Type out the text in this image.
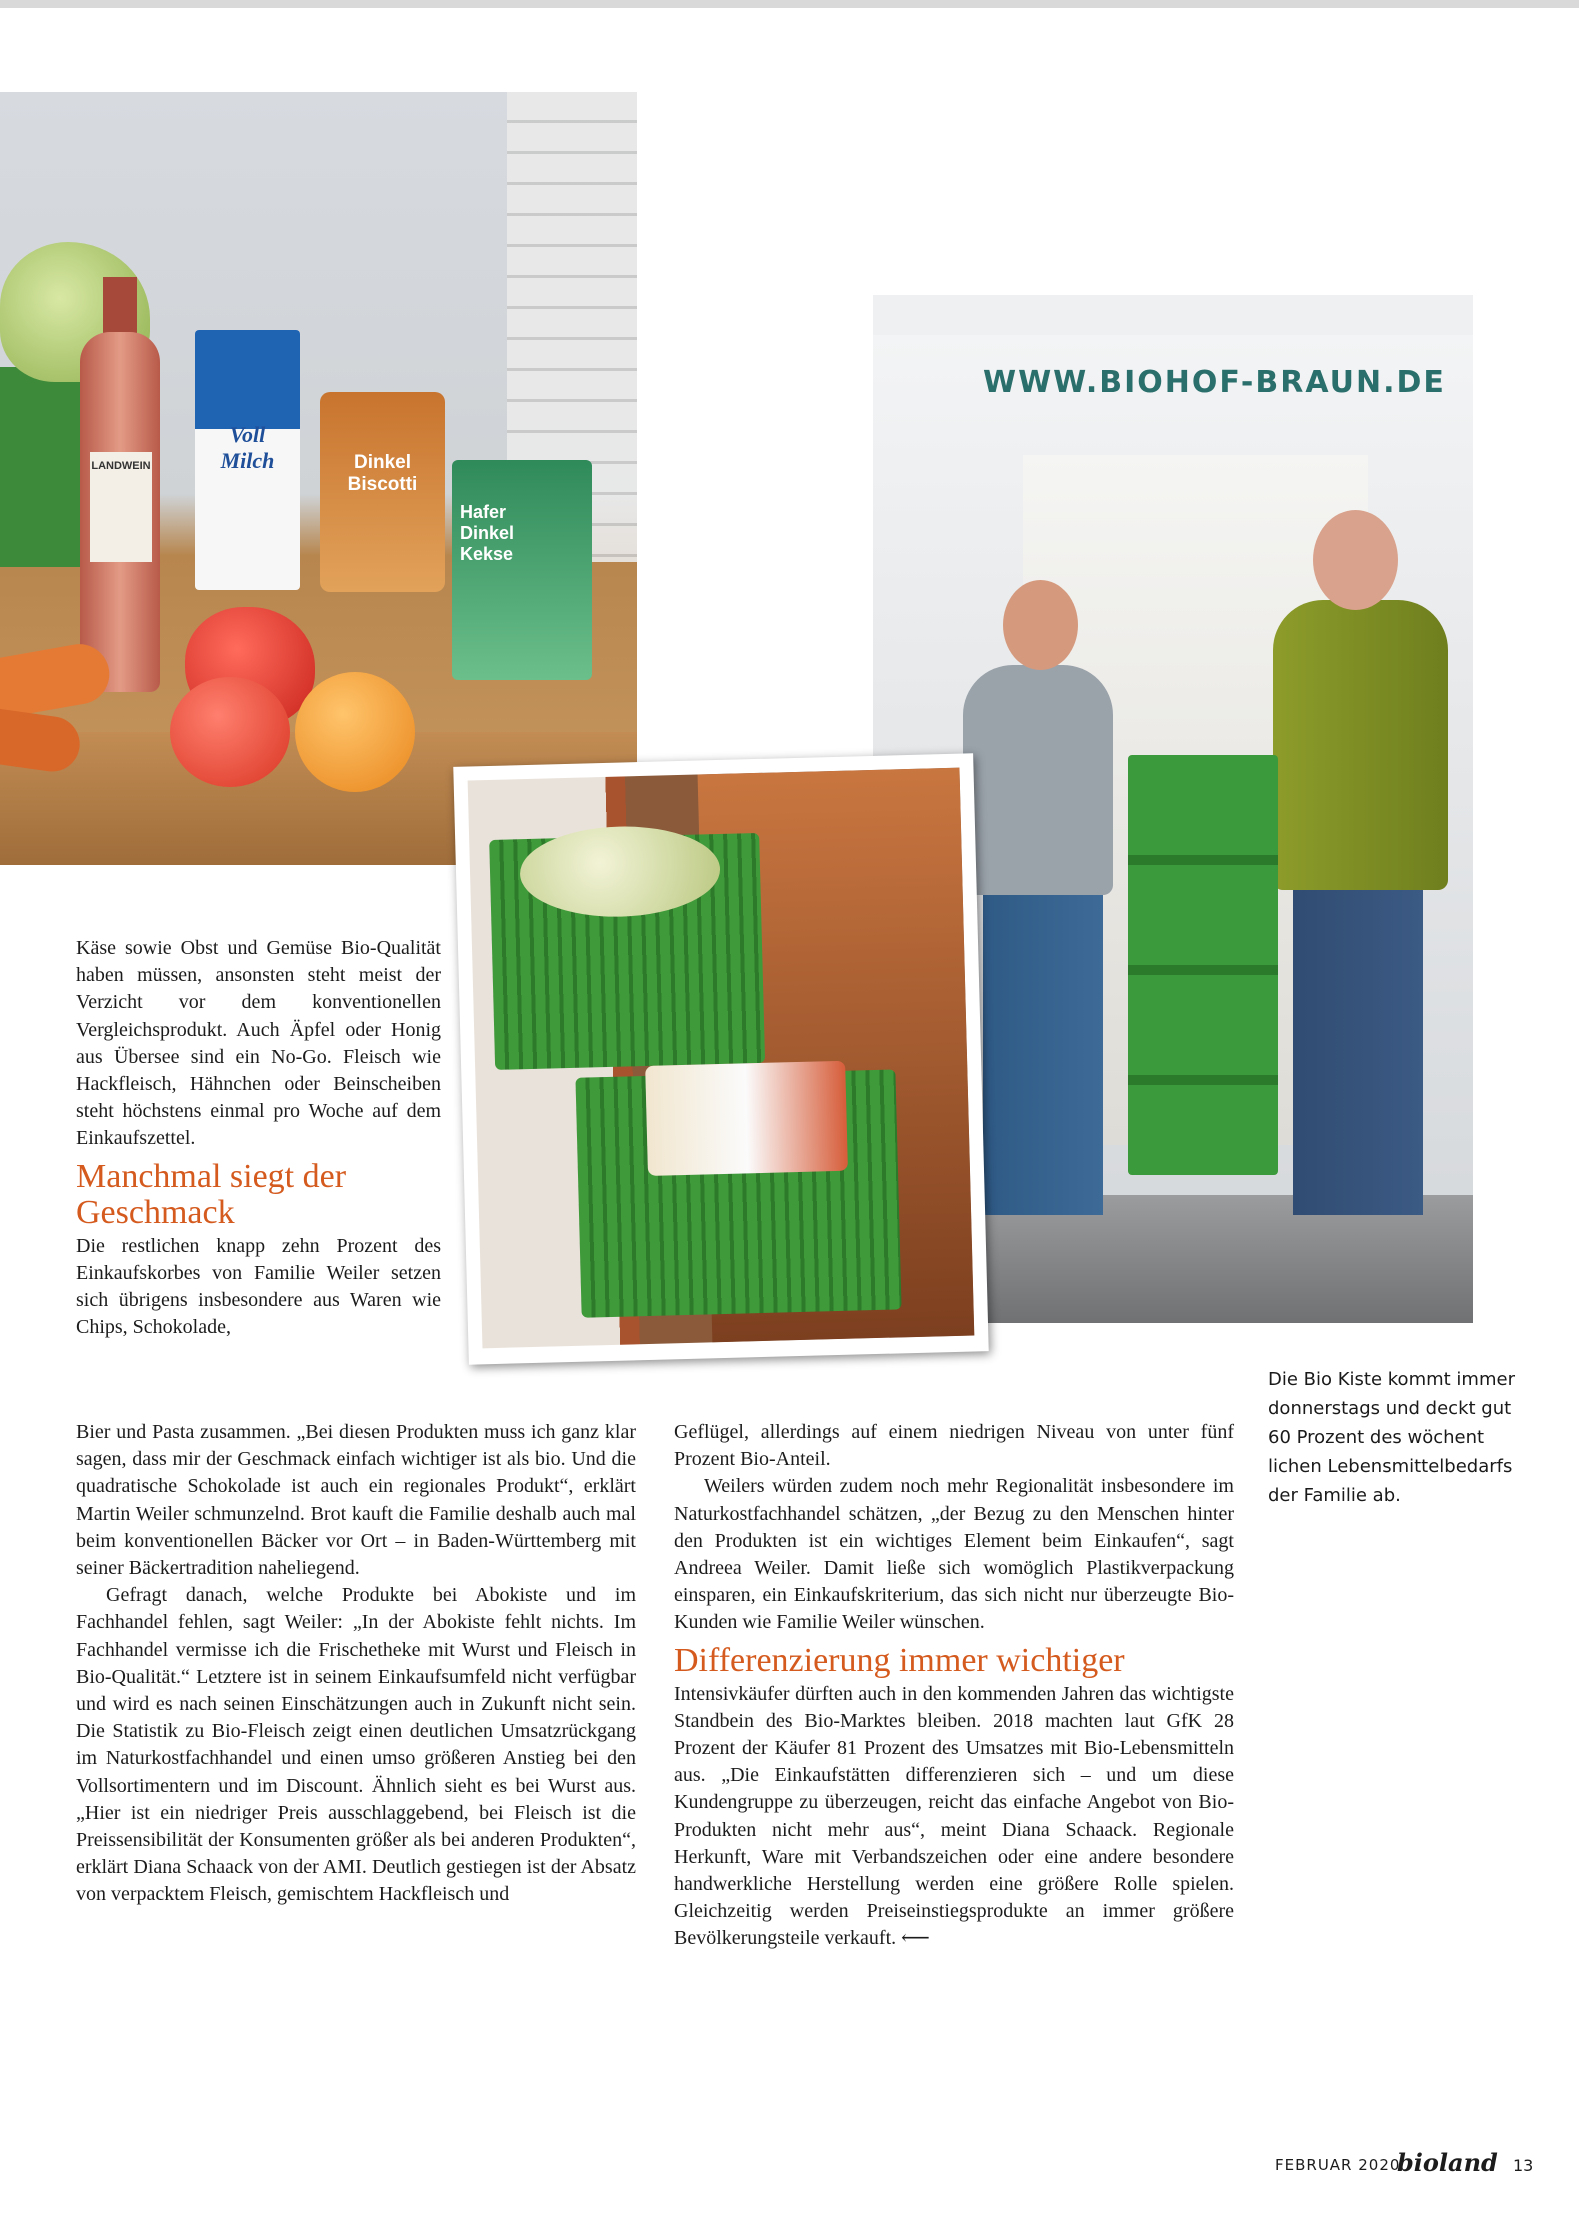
LANDWEIN
Voll
Milch	Dinkel
Biscotti
Hafer
Dinkel
Kekse
WWW.BIOHOF-BRAUN.DE

Die Bio Kiste kommt immer

donnerstags und deckt gut

60 Prozent des wöchent

lichen Lebensmittelbedarfs

der Familie ab.

Käse sowie Obst und Gemüse Bio-Qualität haben müssen, ansonsten steht meist der Verzicht vor dem konventionellen Vergleichsprodukt. Auch Äpfel oder Honig aus Übersee sind ein No-Go. Fleisch wie Hackfleisch, Hähnchen oder Beinscheiben steht höchstens einmal pro Woche auf dem Einkaufszettel.

Manchmal siegt der
Geschmack

Die restlichen knapp zehn Prozent des Einkaufskorbes von Familie Weiler setzen sich übrigens insbesondere aus Waren wie Chips, Schokolade,

Bier und Pasta zusammen. „Bei diesen Produkten muss ich ganz klar sagen, dass mir der Geschmack einfach wichtiger ist als bio. Und die quadratische Schokolade ist auch ein regionales Produkt“, erklärt Martin Weiler schmunzelnd. Brot kauft die Familie deshalb auch mal beim konventionellen Bäcker vor Ort – in Baden-Württemberg mit seiner Bäckertradition naheliegend.

Gefragt danach, welche Produkte bei Abokiste und im Fachhandel fehlen, sagt Weiler: „In der Abokiste fehlt nichts. Im Fachhandel vermisse ich die Frischetheke mit Wurst und Fleisch in Bio-Qualität.“ Letztere ist in seinem Einkaufsumfeld nicht verfügbar und wird es nach seinen Einschätzungen auch in Zukunft nicht sein. Die Statistik zu Bio-Fleisch zeigt einen deutlichen Umsatzrückgang im Naturkostfachhandel und einen umso größeren Anstieg bei den Vollsortimentern und im Discount. Ähnlich sieht es bei Wurst aus. „Hier ist ein niedriger Preis ausschlaggebend, bei Fleisch ist die Preissensibilität der Konsumenten größer als bei anderen Produkten“, erklärt Diana Schaack von der AMI. Deutlich gestiegen ist der Absatz von verpacktem Fleisch, gemischtem Hackfleisch und

Geflügel, allerdings auf einem niedrigen Niveau von unter fünf Prozent Bio-Anteil.

Weilers würden zudem noch mehr Regionalität insbesondere im Naturkostfachhandel schätzen, „der Bezug zu den Menschen hinter den Produkten ist ein wichtiges Element beim Einkaufen“, sagt Andreea Weiler. Damit ließe sich womöglich Plastikverpackung einsparen, ein Einkaufskriterium, das sich nicht nur überzeugte Bio-Kunden wie Familie Weiler wünschen.

Differenzierung immer wichtiger

Intensivkäufer dürften auch in den kommenden Jahren das wichtigste Standbein des Bio-Marktes bleiben. 2018 machten laut GfK 28 Prozent der Käufer 81 Prozent des Umsatzes mit Bio-Lebensmitteln aus. „Die Einkaufstätten differenzieren sich – und um diese Kundengruppe zu überzeugen, reicht das einfache Angebot von Bio-Produkten nicht mehr aus“, meint Diana Schaack. Regionale Herkunft, Ware mit Verbandszeichen oder eine andere besondere handwerkliche Herstellung werden eine größere Rolle spielen. Gleichzeitig werden Preiseinstiegsprodukte an immer größere Bevölkerungsteile verkauft. ⟵

FEBRUAR 2020
bioland 13
